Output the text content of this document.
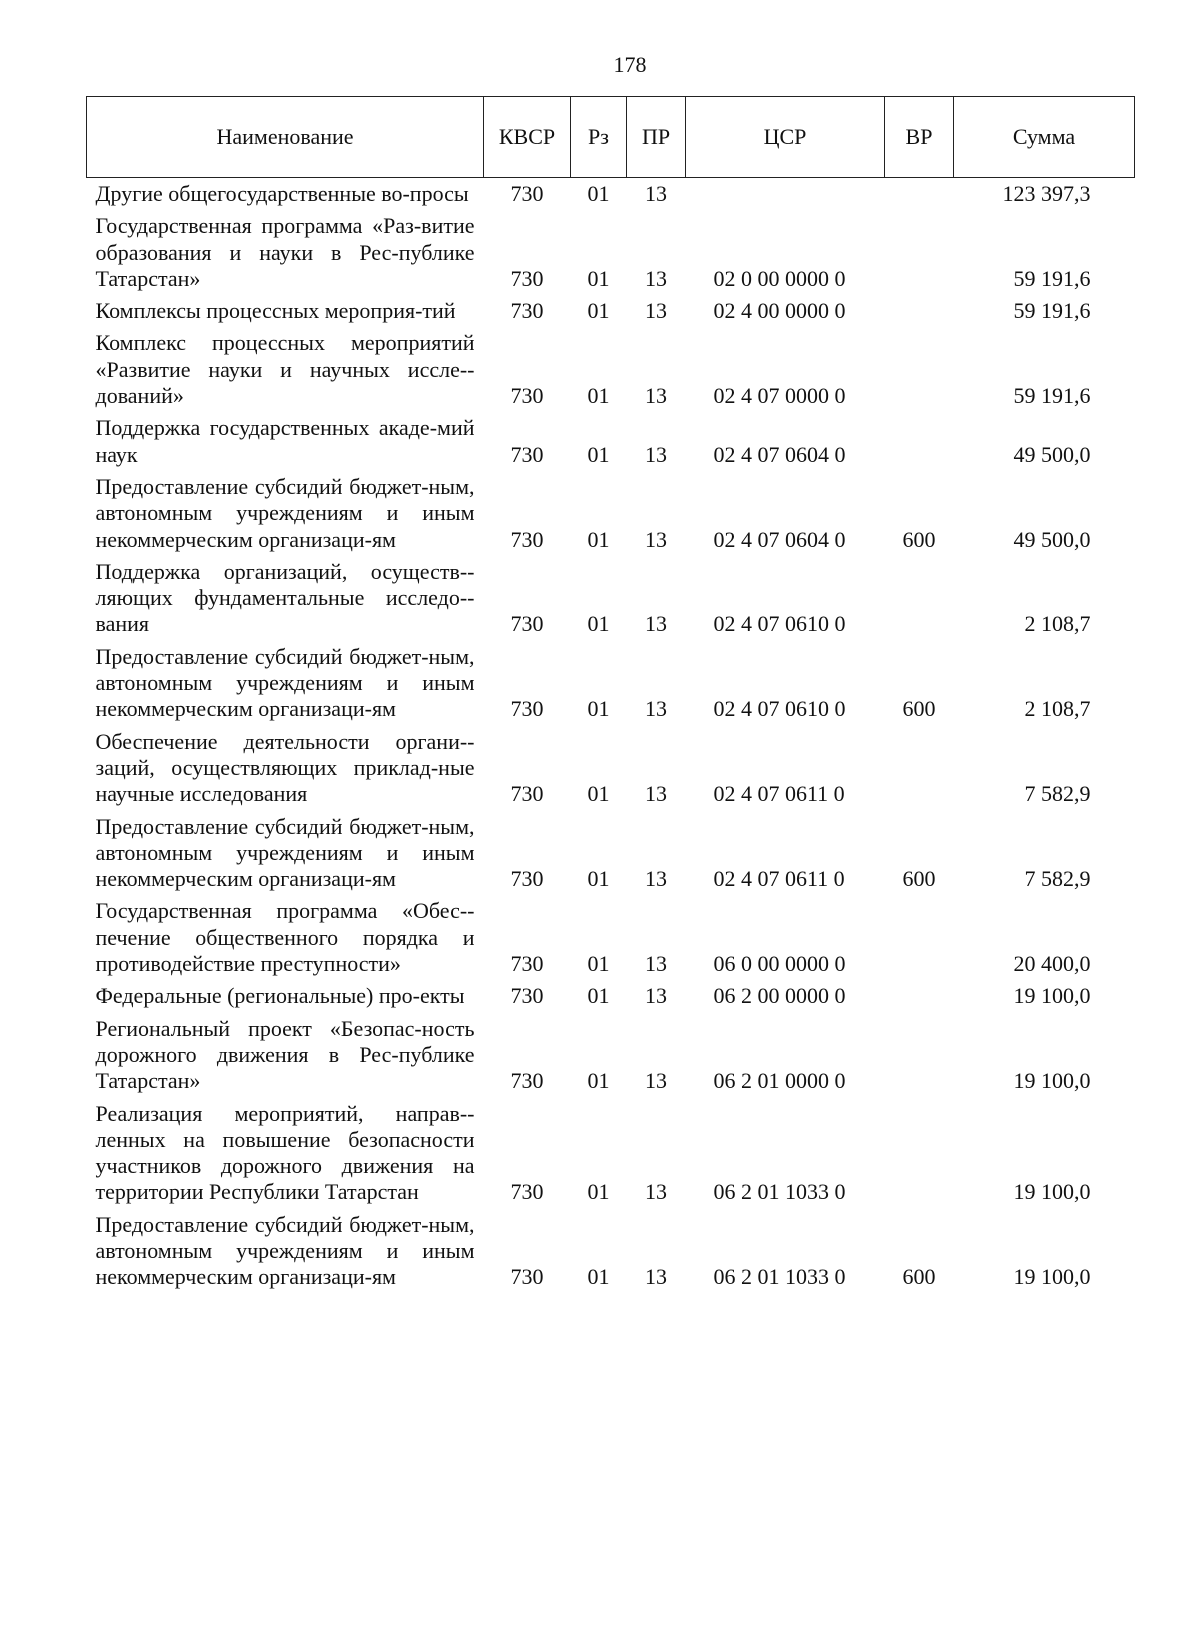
178
Наименование	КВСР	Рз	ПР	ЦСР	ВР	Сумма
Другие общегосударственные во-просы	730	01	13			123 397,3
Государственная программа «Раз-витие образования и науки в Рес-публике Татарстан»	730	01	13	02 0 00 0000 0		59 191,6
Комплексы процессных мероприя-тий	730	01	13	02 4 00 0000 0		59 191,6
Комплекс процессных мероприятий «Развитие науки и научных иссле-дований»	730	01	13	02 4 07 0000 0		59 191,6
Поддержка государственных акаде-мий наук	730	01	13	02 4 07 0604 0		49 500,0
Предоставление субсидий бюджет-ным, автономным учреждениям и иным некоммерческим организаци-ям	730	01	13	02 4 07 0604 0	600	49 500,0
Поддержка организаций, осуществ-ляющих фундаментальные исследо-вания	730	01	13	02 4 07 0610 0		2 108,7
Предоставление субсидий бюджет-ным, автономным учреждениям и иным некоммерческим организаци-ям	730	01	13	02 4 07 0610 0	600	2 108,7
Обеспечение деятельности органи-заций, осуществляющих приклад-ные научные исследования	730	01	13	02 4 07 0611 0		7 582,9
Предоставление субсидий бюджет-ным, автономным учреждениям и иным некоммерческим организаци-ям	730	01	13	02 4 07 0611 0	600	7 582,9
Государственная программа «Обес-печение общественного порядка и противодействие преступности»	730	01	13	06 0 00 0000 0		20 400,0
Федеральные (региональные) про-екты	730	01	13	06 2 00 0000 0		19 100,0
Региональный проект «Безопас-ность дорожного движения в Рес-публике Татарстан»	730	01	13	06 2 01 0000 0		19 100,0
Реализация мероприятий, направ-ленных на повышение безопасности участников дорожного движения на территории Республики Татарстан	730	01	13	06 2 01 1033 0		19 100,0
Предоставление субсидий бюджет-ным, автономным учреждениям и иным некоммерческим организаци-ям	730	01	13	06 2 01 1033 0	600	19 100,0
